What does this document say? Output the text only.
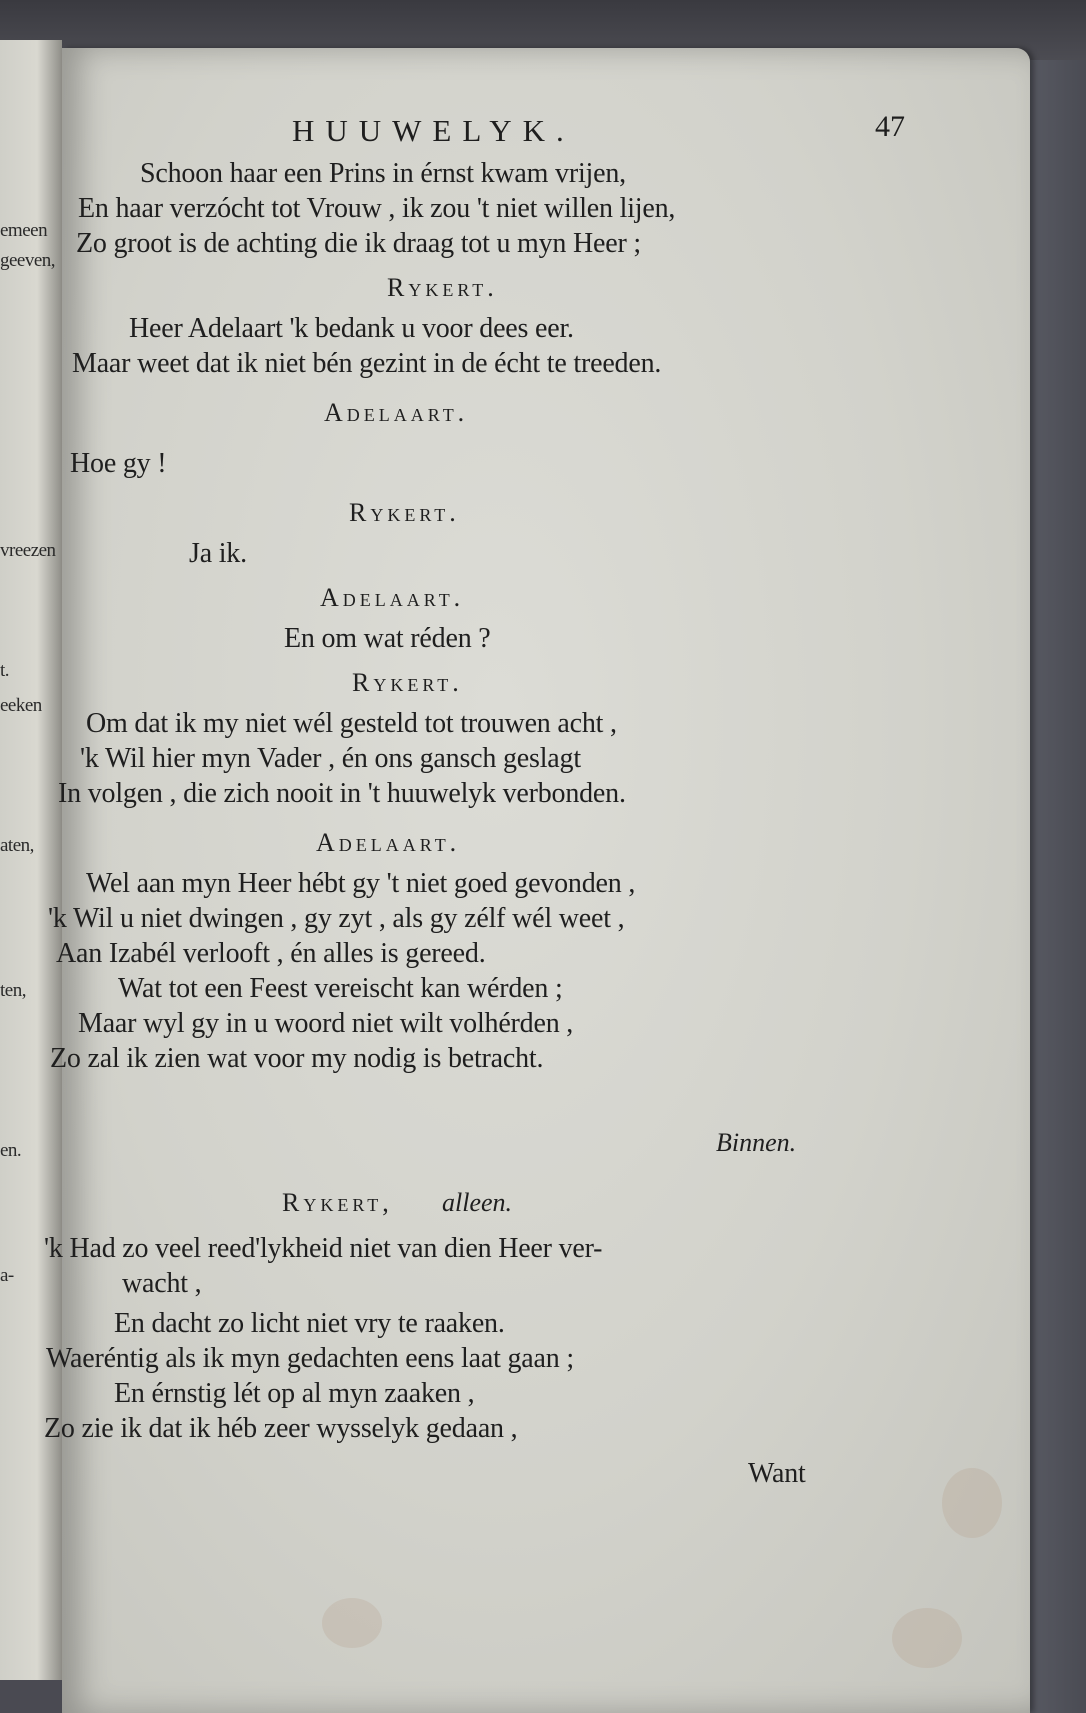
emeen
geeven,
vreezen
t.
eeken
aten,
ten,
en.
a-
HUUWELYK.	47
Schoon haar een Prins in érnst kwam vrijen,
En haar verzócht tot Vrouw , ik zou 't niet willen lijen,
Zo groot is de achting die ik draag tot u myn Heer ;
Rykert.
Heer Adelaart 'k bedank u voor dees eer.
Maar weet dat ik niet bén gezint in de écht te treeden.
Adelaart.
Hoe gy !
Rykert.
Ja ik.
Adelaart.
En om wat réden ?
Rykert.
Om dat ik my niet wél gesteld tot trouwen acht ,
'k Wil hier myn Vader , én ons gansch geslagt
In volgen , die zich nooit in 't huuwelyk verbonden.
Adelaart.
Wel aan myn Heer hébt gy 't niet goed gevonden ,
'k Wil u niet dwingen , gy zyt , als gy zélf wél weet ,
Aan Izabél verlooft , én alles is gereed.
Wat tot een Feest vereischt kan wérden ;
Maar wyl gy in u woord niet wilt volhérden ,
Zo zal ik zien wat voor my nodig is betracht.
Binnen.
Rykert, alleen.
'k Had zo veel reed'lykheid niet van dien Heer ver-
wacht ,
En dacht zo licht niet vry te raaken.
Waeréntig als ik myn gedachten eens laat gaan ;
En érnstig lét op al myn zaaken ,
Zo zie ik dat ik héb zeer wysselyk gedaan ,
Want
